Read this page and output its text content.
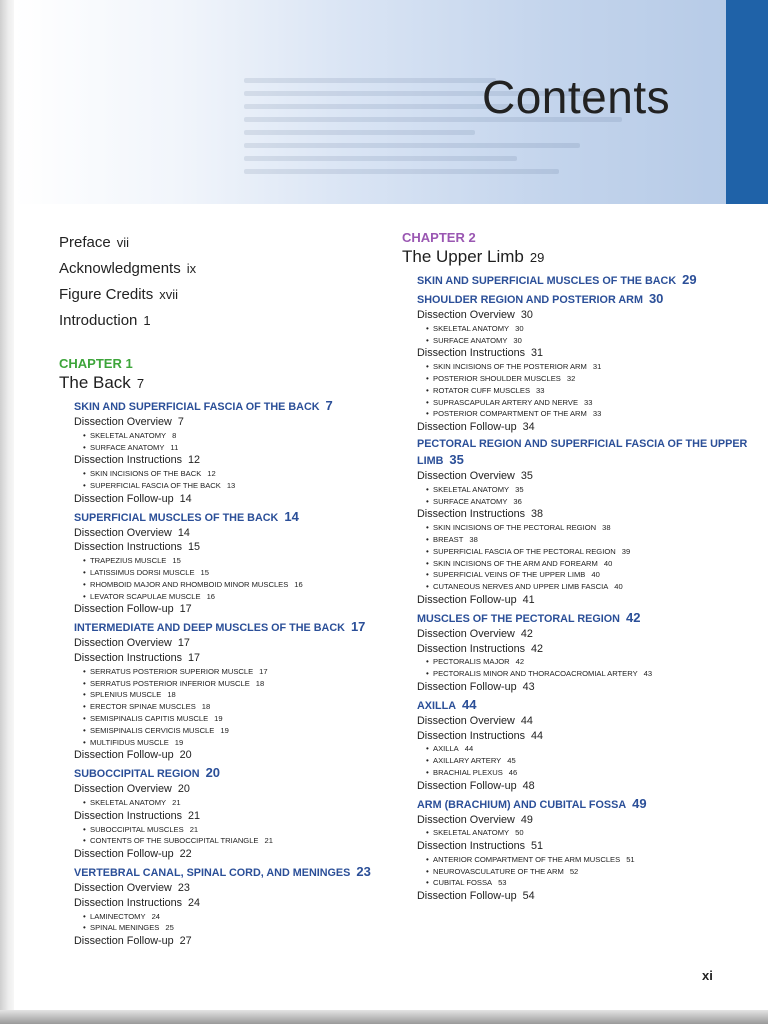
Contents
Preface vii
Acknowledgments ix
Figure Credits xvii
Introduction 1
CHAPTER 1
The Back 7
SKIN AND SUPERFICIAL FASCIA OF THE BACK 7
Dissection Overview 7
• SKELETAL ANATOMY 8
• SURFACE ANATOMY 11
Dissection Instructions 12
• SKIN INCISIONS OF THE BACK 12
• SUPERFICIAL FASCIA OF THE BACK 13
Dissection Follow-up 14
SUPERFICIAL MUSCLES OF THE BACK 14
Dissection Overview 14
Dissection Instructions 15
• TRAPEZIUS MUSCLE 15
• LATISSIMUS DORSI MUSCLE 15
• RHOMBOID MAJOR AND RHOMBOID MINOR MUSCLES 16
• LEVATOR SCAPULAE MUSCLE 16
Dissection Follow-up 17
INTERMEDIATE AND DEEP MUSCLES OF THE BACK 17
Dissection Overview 17
Dissection Instructions 17
• SERRATUS POSTERIOR SUPERIOR MUSCLE 17
• SERRATUS POSTERIOR INFERIOR MUSCLE 18
• SPLENIUS MUSCLE 18
• ERECTOR SPINAE MUSCLES 18
• SEMISPINALIS CAPITIS MUSCLE 19
• SEMISPINALIS CERVICIS MUSCLE 19
• MULTIFIDUS MUSCLE 19
Dissection Follow-up 20
SUBOCCIPITAL REGION 20
Dissection Overview 20
• SKELETAL ANATOMY 21
Dissection Instructions 21
• SUBOCCIPITAL MUSCLES 21
• CONTENTS OF THE SUBOCCIPITAL TRIANGLE 21
Dissection Follow-up 22
VERTEBRAL CANAL, SPINAL CORD, AND MENINGES 23
Dissection Overview 23
Dissection Instructions 24
• LAMINECTOMY 24
• SPINAL MENINGES 25
Dissection Follow-up 27
CHAPTER 2
The Upper Limb 29
SKIN AND SUPERFICIAL MUSCLES OF THE BACK 29
SHOULDER REGION AND POSTERIOR ARM 30
Dissection Overview 30
• SKELETAL ANATOMY 30
• SURFACE ANATOMY 30
Dissection Instructions 31
• SKIN INCISIONS OF THE POSTERIOR ARM 31
• POSTERIOR SHOULDER MUSCLES 32
• ROTATOR CUFF MUSCLES 33
• SUPRASCAPULAR ARTERY AND NERVE 33
• POSTERIOR COMPARTMENT OF THE ARM 33
Dissection Follow-up 34
PECTORAL REGION AND SUPERFICIAL FASCIA OF THE UPPER LIMB 35
Dissection Overview 35
• SKELETAL ANATOMY 35
• SURFACE ANATOMY 36
Dissection Instructions 38
• SKIN INCISIONS OF THE PECTORAL REGION 38
• BREAST 38
• SUPERFICIAL FASCIA OF THE PECTORAL REGION 39
• SKIN INCISIONS OF THE ARM AND FOREARM 40
• SUPERFICIAL VEINS OF THE UPPER LIMB 40
• CUTANEOUS NERVES AND UPPER LIMB FASCIA 40
Dissection Follow-up 41
MUSCLES OF THE PECTORAL REGION 42
Dissection Overview 42
Dissection Instructions 42
• PECTORALIS MAJOR 42
• PECTORALIS MINOR AND THORACOACROMIAL ARTERY 43
Dissection Follow-up 43
AXILLA 44
Dissection Overview 44
Dissection Instructions 44
• AXILLA 44
• AXILLARY ARTERY 45
• BRACHIAL PLEXUS 46
Dissection Follow-up 48
ARM (BRACHIUM) AND CUBITAL FOSSA 49
Dissection Overview 49
• SKELETAL ANATOMY 50
Dissection Instructions 51
• ANTERIOR COMPARTMENT OF THE ARM MUSCLES 51
• NEUROVASCULATURE OF THE ARM 52
• CUBITAL FOSSA 53
Dissection Follow-up 54
xi
